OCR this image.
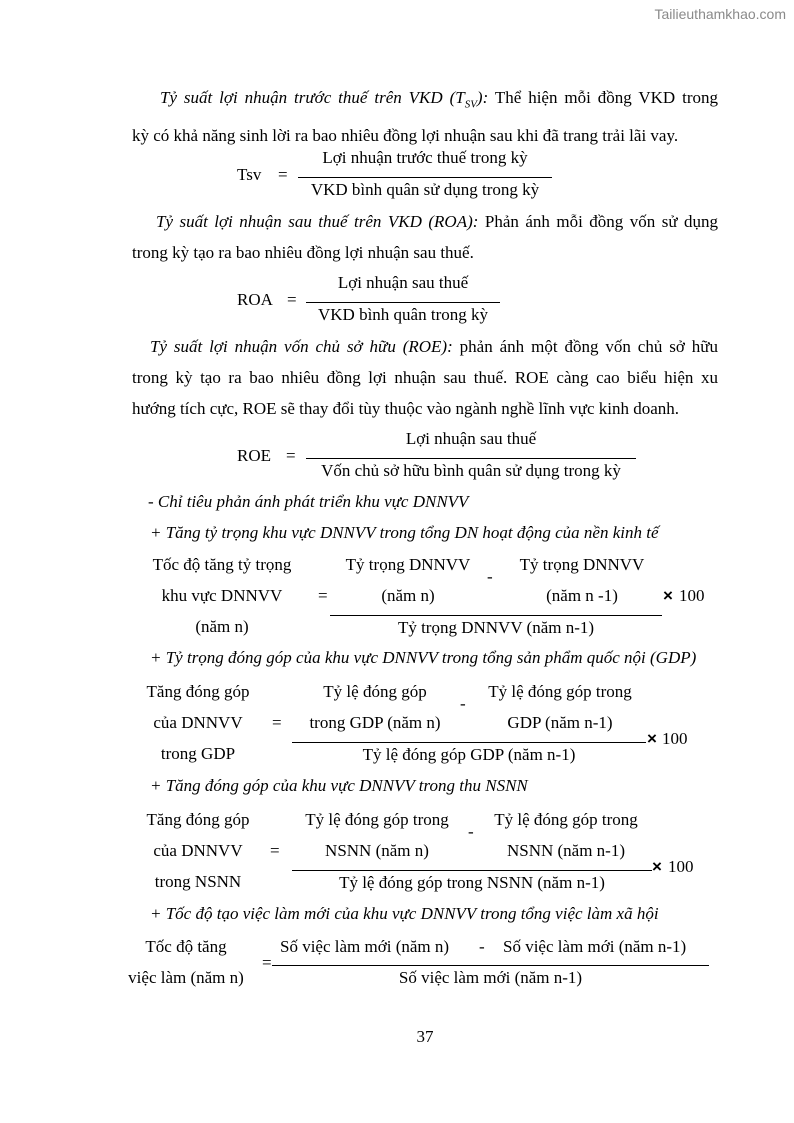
Tailieuthamkhao.com
Tỷ suất lợi nhuận trước thuế trên VKD $(T_{SV})$: Thể hiện mỗi đồng VKD trong
kỳ có khả năng sinh lời ra bao nhiêu đồng lợi nhuận sau khi đã trang trải lãi vay.
Tsv =
Lợi nhuận trước thuế trong kỳ
VKD bình quân sử dụng trong kỳ
Tỷ suất lợi nhuận sau thuế trên VKD (ROA): Phản ánh mỗi đồng vốn sử dụng
trong kỳ tạo ra bao nhiêu đồng lợi nhuận sau thuế.
ROA =
Lợi nhuận sau thuế
VKD bình quân trong kỳ
Tỷ suất lợi nhuận vốn chủ sở hữu (ROE): phản ánh một đồng vốn chủ sở hữu
trong kỳ tạo ra bao nhiêu đồng lợi nhuận sau thuế. ROE càng cao biểu hiện xu
hướng tích cực, ROE sẽ thay đổi tùy thuộc vào ngành nghề lĩnh vực kinh doanh.
ROE =
Lợi nhuận sau thuế
Vốn chủ sở hữu bình quân sử dụng trong kỳ
- Chỉ tiêu phản ánh phát triển khu vực DNNVV
+ Tăng tỷ trọng khu vực DNNVV trong tổng DN hoạt động của nền kinh tế
Tốc độ tăng tỷ trọng
khu vực DNNVV
(năm n)
=
Tỷ trọng DNNVV
(năm n)
-
Tỷ trọng DNNVV
(năm n -1)
Tỷ trọng DNNVV (năm n-1)
× 100
+ Tỷ trọng đóng góp của khu vực DNNVV trong tổng sản phẩm quốc nội (GDP)
Tăng đóng góp
của DNNVV
trong GDP
=
Tỷ lệ đóng góp
trong GDP (năm n)
-
Tỷ lệ đóng góp trong
GDP (năm n-1)
Tỷ lệ đóng góp GDP (năm n-1)
× 100
+ Tăng đóng góp của khu vực DNNVV trong thu NSNN
Tăng đóng góp
của DNNVV
trong NSNN
=
Tỷ lệ đóng góp trong
NSNN (năm n)
-
Tỷ lệ đóng góp trong
NSNN (năm n-1)
Tỷ lệ đóng góp trong NSNN (năm n-1)
× 100
+ Tốc độ tạo việc làm mới của khu vực DNNVV trong tổng việc làm xã hội
Tốc độ tăng
việc làm (năm n)
=
Số việc làm mới (năm n) - Số việc làm mới (năm n-1)
Số việc làm mới (năm n-1)
37
